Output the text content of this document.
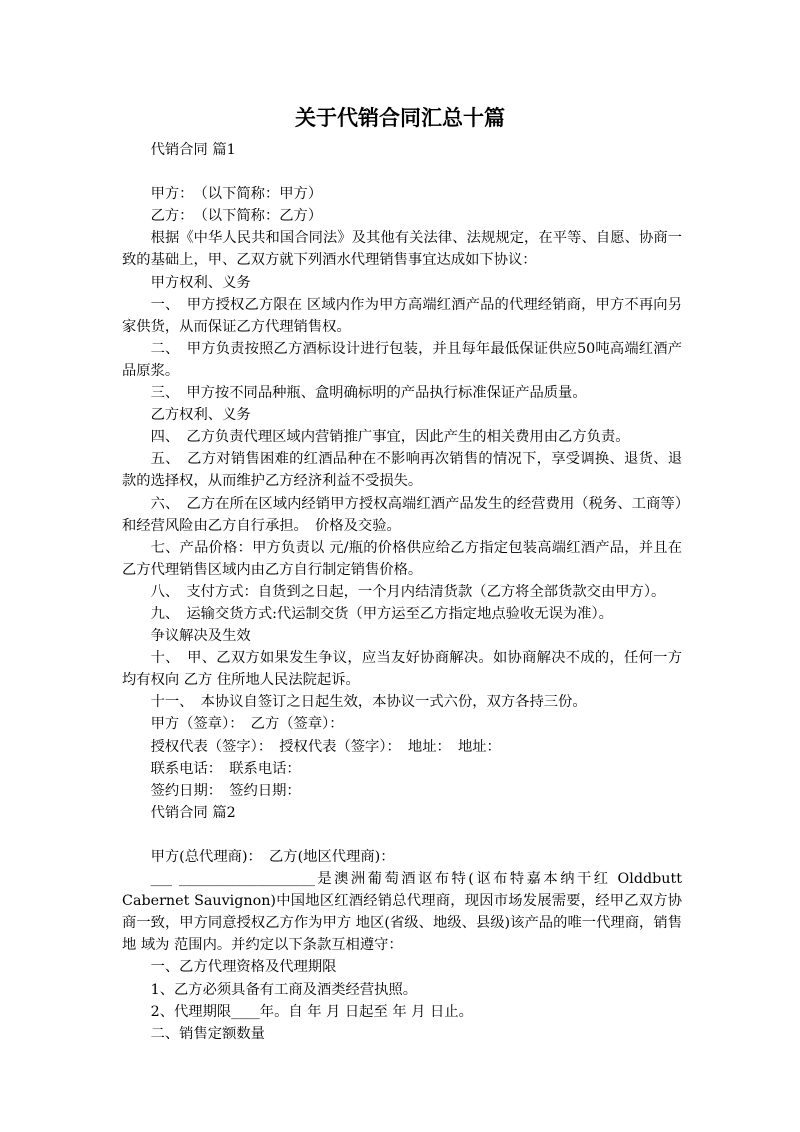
关于代销合同汇总十篇

代销合同 篇1

甲方：　（以下简称：甲方）

乙方：　（以下简称：乙方）

根据《中华人民共和国合同法》及其他有关法律、法规规定，在平等、自愿、协商一致的基础上，甲、乙双方就下列酒水代理销售事宜达成如下协议：

甲方权利、义务

一、　甲方授权乙方限在 区域内作为甲方高端红酒产品的代理经销商，甲方不再向另家供货，从而保证乙方代理销售权。

二、　甲方负责按照乙方酒标设计进行包装，并且每年最低保证供应50吨高端红酒产品原浆。

三、　甲方按不同品种瓶、盒明确标明的产品执行标准保证产品质量。

乙方权利、义务

四、　乙方负责代理区域内营销推广事宜，因此产生的相关费用由乙方负责。

五、　乙方对销售困难的红酒品种在不影响再次销售的情况下，享受调换、退货、退款的选择权，从而维护乙方经济利益不受损失。

六、　乙方在所在区域内经销甲方授权高端红酒产品发生的经营费用（税务、工商等）和经营风险由乙方自行承担。　价格及交验。

七、产品价格：甲方负责以 元/瓶的价格供应给乙方指定包装高端红酒产品，并且在乙方代理销售区域内由乙方自行制定销售价格。

八、　支付方式：自货到之日起，一个月内结清货款（乙方将全部货款交由甲方）。

九、　运输交货方式:代运制交货（甲方运至乙方指定地点验收无误为准）。

争议解决及生效

十、　甲、乙双方如果发生争议，应当友好协商解决。如协商解决不成的，任何一方均有权向 乙方 住所地人民法院起诉。

十一、　本协议自签订之日起生效，本协议一式六份，双方各持三份。

甲方（签章）：　乙方（签章）：

授权代表（签字）：　授权代表（签字）：　地址：　地址：

联系电话：　联系电话：

签约日期：　签约日期：

代销合同 篇2

甲方(总代理商)：　乙方(地区代理商)：

___ ___________________是澳洲葡萄酒讴布特(讴布特嘉本纳干红 Olddbutt Cabernet Sauvignon)中国地区红酒经销总代理商，现因市场发展需要，经甲乙双方协商一致，甲方同意授权乙方作为甲方 地区(省级、地级、县级)该产品的唯一代理商，销售地 域为 范围内。并约定以下条款互相遵守：

一、乙方代理资格及代理期限

1、乙方必须具备有工商及酒类经营执照。

2、代理期限____年。自 年 月 日起至 年 月 日止。

二、销售定额数量
